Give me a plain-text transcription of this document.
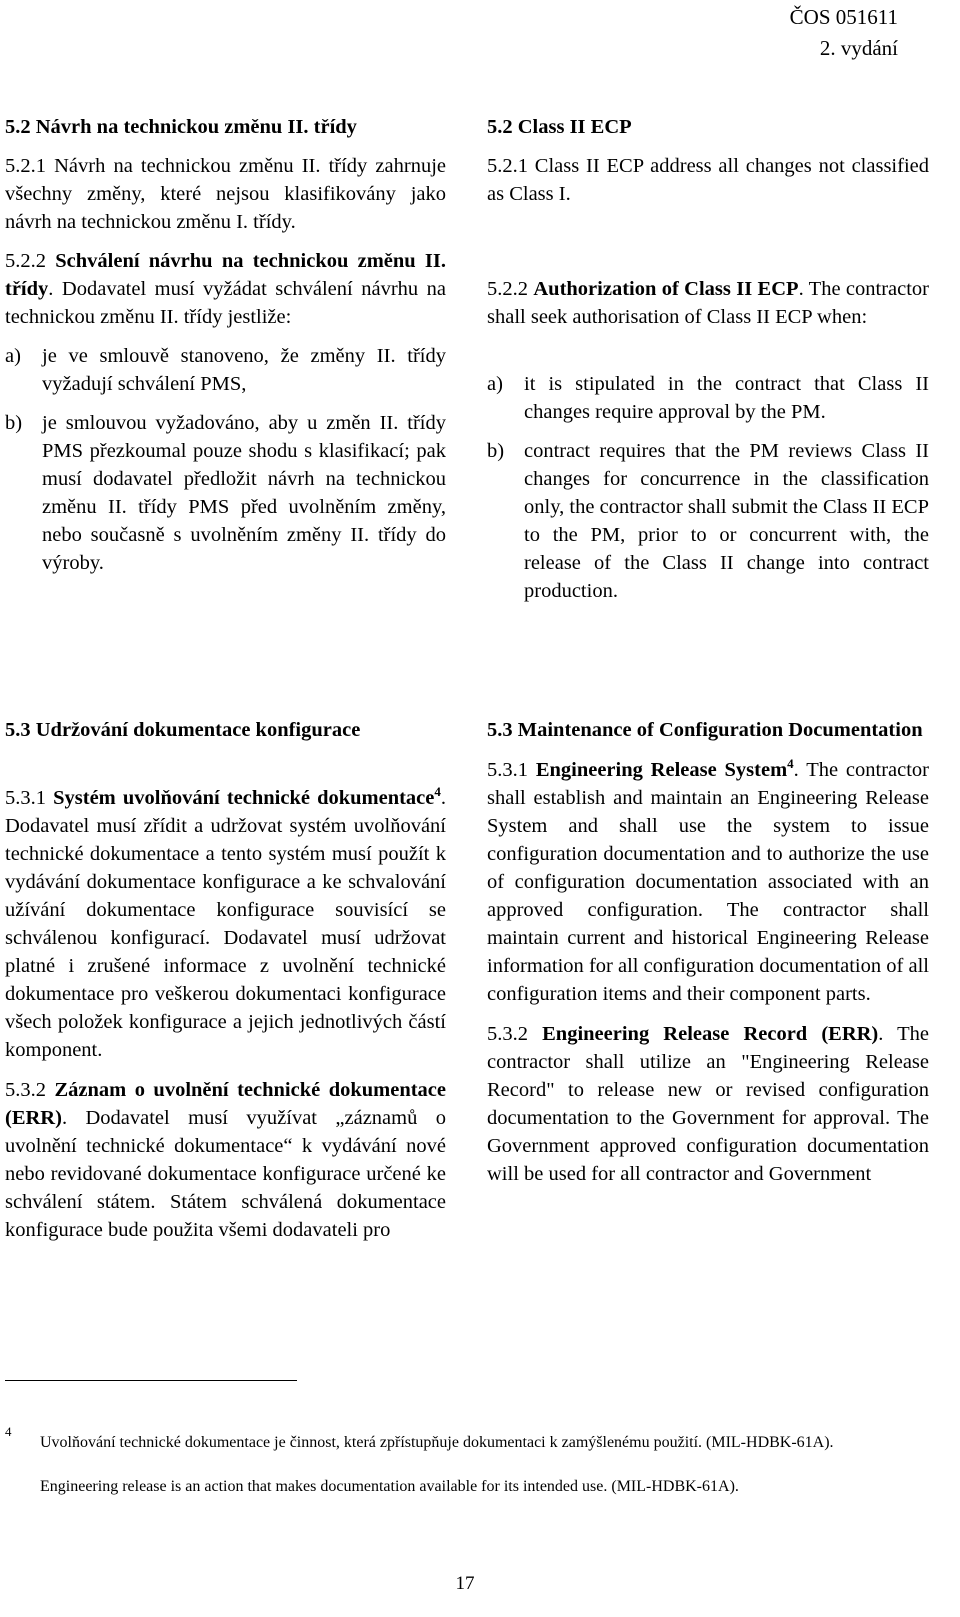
ČOS 051611
2. vydání
5.2 Návrh na technickou změnu II. třídy

5.2.1 Návrh na technickou změnu II. třídy zahrnuje všechny změny, které nejsou klasifikovány jako návrh na technickou změnu I. třídy.

5.2.2 Schválení návrhu na technickou změnu II. třídy. Dodavatel musí vyžádat schválení návrhu na technickou změnu II. třídy jestliže:

a)	je ve smlouvě stanoveno, že změny II. třídy vyžadují schválení PMS,
b) je smlouvou vyžadováno, aby u změn II. třídy PMS přezkoumal pouze shodu s klasifikací; pak musí dodavatel předložit návrh na technickou změnu II. třídy PMS před uvolněním změny, nebo současně s uvolněním změny II. třídy do výroby.
5.2 Class II ECP

5.2.1 Class II ECP address all changes not classified as Class I.

5.2.2 Authorization of Class II ECP. The contractor shall seek authorisation of Class II ECP when:

a)	it is stipulated in the contract that Class II changes require approval by the PM.
b) contract requires that the PM reviews Class II changes for concurrence in the classification only, the contractor shall submit the Class II ECP to the PM, prior to or concurrent with, the release of the Class II change into contract production.
5.3 Udržování dokumentace konfigurace

5.3.1 Systém uvolňování technické dokumentace$^4$. Dodavatel musí zřídit a udržovat systém uvolňování technické dokumentace a tento systém musí použít k vydávání dokumentace konfigurace a ke schvalování užívání dokumentace konfigurace souvisící se schválenou konfigurací. Dodavatel musí udržovat platné i zrušené informace z uvolnění technické dokumentace pro veškerou dokumentaci konfigurace všech položek konfigurace a jejich jednotlivých částí komponent.

5.3.2 Záznam o uvolnění technické dokumentace (ERR). Dodavatel musí využívat „záznamů o uvolnění technické dokumentace“ k vydávání nové nebo revidované dokumentace konfigurace určené ke schválení státem. Státem schválená dokumentace konfigurace bude použita všemi dodavateli pro

5.3 Maintenance of Configuration Documentation

5.3.1 Engineering Release System$^4$. The contractor shall establish and maintain an Engineering Release System and shall use the system to issue configuration documentation and to authorize the use of configuration documentation associated with an approved configuration. The contractor shall maintain current and historical Engineering Release information for all configuration documentation of all configuration items and their component parts.

5.3.2 Engineering Release Record (ERR). The contractor shall utilize an "Engineering Release Record" to release new or revised configuration documentation to the Government for approval. The Government approved configuration documentation will be used for all contractor and Government

4
Uvolňování technické dokumentace je činnost, která zpřístupňuje dokumentaci k zamýšlenému použití. (MIL-HDBK-61A).
Engineering release is an action that makes documentation available for its intended use. (MIL-HDBK-61A).
17
